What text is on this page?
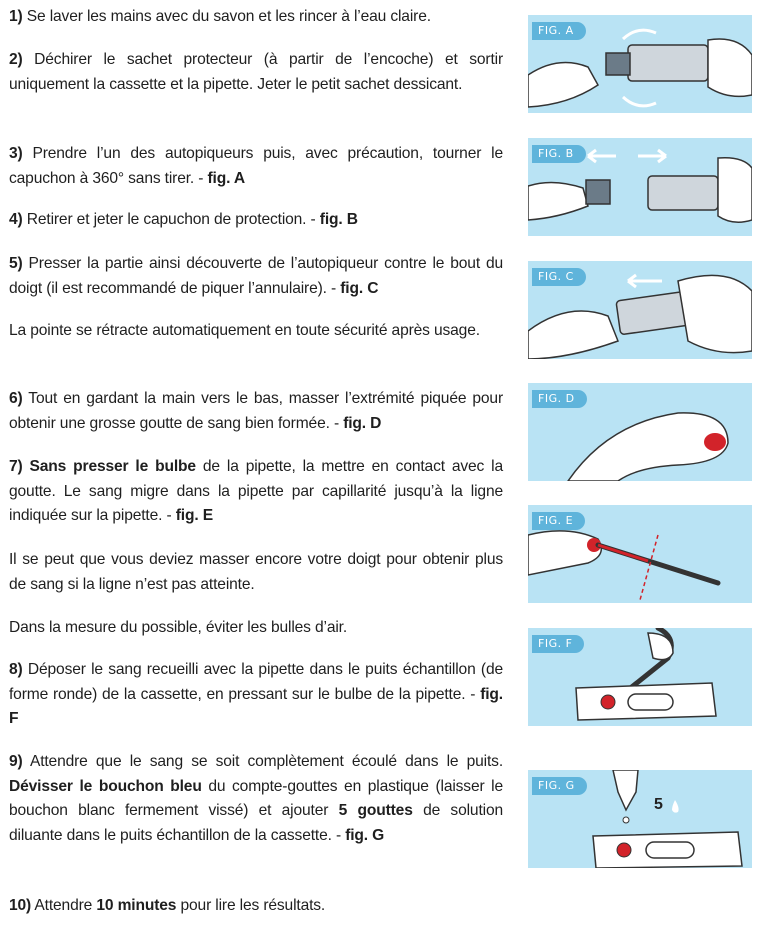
1) Se laver les mains avec du savon et les rincer à l’eau claire.

2) Déchirer le sachet protecteur (à partir de l’encoche) et sortir uniquement la cassette et la pipette. Jeter le petit sachet dessicant.

3) Prendre l’un des autopiqueurs puis, avec précaution, tourner le capuchon à 360° sans tirer. - fig. A

4) Retirer et jeter le capuchon de protection. - fig. B

5) Presser la partie ainsi découverte de l’autopiqueur contre le bout du doigt (il est recommandé de piquer l’annulaire). - fig. C

La pointe se rétracte automatiquement en toute sécurité après usage.

6) Tout en gardant la main vers le bas, masser l’extrémité piquée pour obtenir une grosse goutte de sang bien formée. - fig. D

7) Sans presser le bulbe de la pipette, la mettre en contact avec la goutte. Le sang migre dans la pipette par capillarité jusqu’à la ligne indiquée sur la pipette. - fig. E

Il se peut que vous deviez masser encore votre doigt pour obtenir plus de sang si la ligne n’est pas atteinte.

Dans la mesure du possible, éviter les bulles d’air.

8) Déposer le sang recueilli avec la pipette dans le puits échantillon (de forme ronde) de la cassette, en pressant sur le bulbe de la pipette. - fig. F

9) Attendre que le sang se soit complètement écoulé dans le puits. Dévisser le bouchon bleu du compte-gouttes en plastique (laisser le bouchon blanc fermement vissé) et ajouter 5 gouttes de solution diluante dans le puits échantillon de la cassette. - fig. G

10) Attendre 10 minutes pour lire les résultats.

FIG. A
FIG. B
FIG. C
FIG. D
FIG. E
FIG. F
FIG. G
5
